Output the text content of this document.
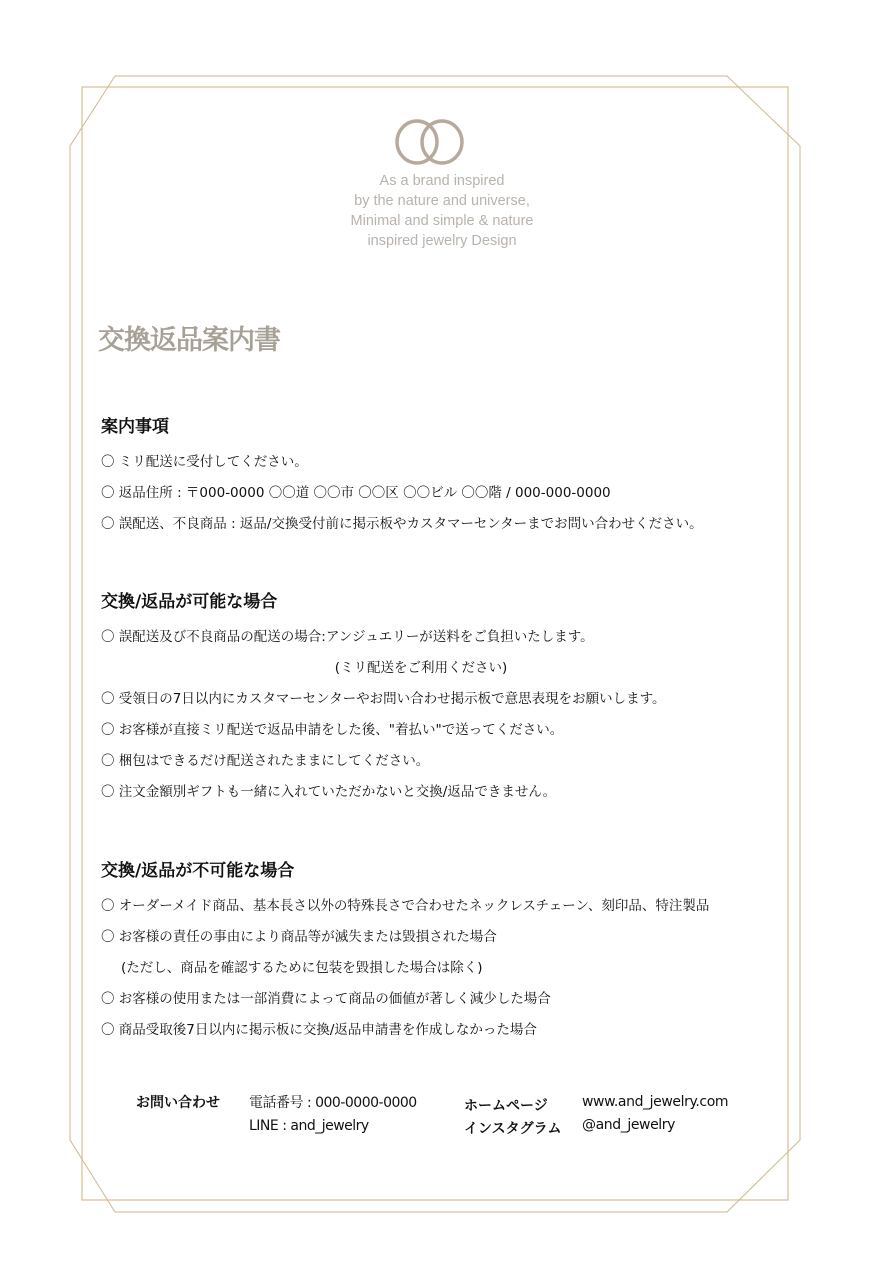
As a brand inspired
by the nature and universe,
Minimal and simple & nature
inspired jewelry Design
交換返品案内書
案内事項
〇 ミリ配送に受付してください。
〇 返品住所 : 〒000-0000 〇〇道 〇〇市 〇〇区 〇〇ビル 〇〇階 / 000-000-0000
〇 誤配送、不良商品 : 返品/交換受付前に掲示板やカスタマーセンターまでお問い合わせください。
交換/返品が可能な場合
〇 誤配送及び不良商品の配送の場合:アンジュエリーが送料をご負担いたします。
(ミリ配送をご利用ください)
〇 受領日の7日以内にカスタマーセンターやお問い合わせ掲示板で意思表現をお願いします。
〇 お客様が直接ミリ配送で返品申請をした後、"着払い"で送ってください。
〇 梱包はできるだけ配送されたままにしてください。
〇 注文金額別ギフトも一緒に入れていただかないと交換/返品できません。
交換/返品が不可能な場合
〇 オーダーメイド商品、基本長さ以外の特殊長さで合わせたネックレスチェーン、刻印品、特注製品
〇 お客様の責任の事由により商品等が滅失または毀損された場合
(ただし、商品を確認するために包装を毀損した場合は除く)
〇 お客様の使用または一部消費によって商品の価値が著しく減少した場合
〇 商品受取後7日以内に掲示板に交換/返品申請書を作成しなかった場合
お問い合わせ 電話番号 : 000-0000-0000
LINE : and_jewelry
ホームページ
インスタグラム
www.and_jewelry.com
@and_jewelry
